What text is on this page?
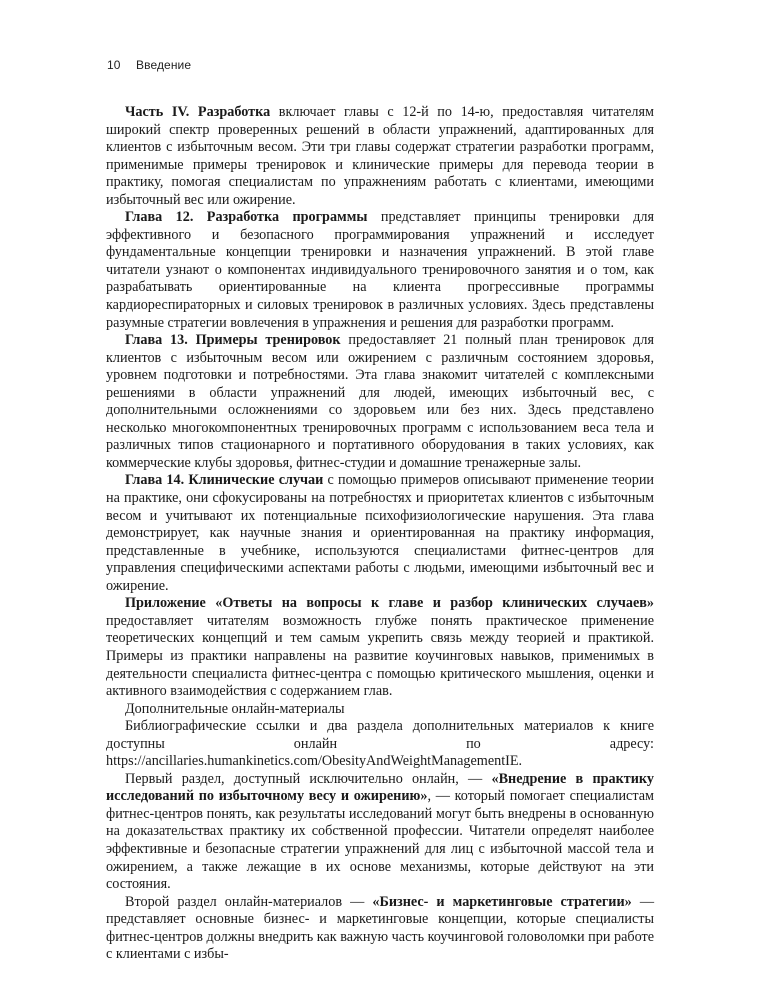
10 Введение

Часть IV. Разработка включает главы с 12-й по 14-ю, предоставляя читателям широкий спектр проверенных решений в области упражнений, адаптированных для клиентов с избыточным весом. Эти три главы содержат стратегии разработки программ, применимые примеры тренировок и клинические примеры для перевода теории в практику, помогая специалистам по упражнениям работать с клиентами, имеющими избыточный вес или ожирение.

Глава 12. Разработка программы представляет принципы тренировки для эффективного и безопасного программирования упражнений и исследует фундаментальные концепции тренировки и назначения упражнений. В этой главе читатели узнают о компонентах индивидуального тренировочного занятия и о том, как разрабатывать ориентированные на клиента прогрессивные программы кардиореспираторных и силовых тренировок в различных условиях. Здесь представлены разумные стратегии вовлечения в упражнения и решения для разработки программ.

Глава 13. Примеры тренировок предоставляет 21 полный план тренировок для клиентов с избыточным весом или ожирением с различным состоянием здоровья, уровнем подготовки и потребностями. Эта глава знакомит читателей с комплексными решениями в области упражнений для людей, имеющих избыточный вес, с дополнительными осложнениями со здоровьем или без них. Здесь представлено несколько многокомпонентных тренировочных программ с использованием веса тела и различных типов стационарного и портативного оборудования в таких условиях, как коммерческие клубы здоровья, фитнес-студии и домашние тренажерные залы.

Глава 14. Клинические случаи с помощью примеров описывают применение теории на практике, они сфокусированы на потребностях и приоритетах клиентов с избыточным весом и учитывают их потенциальные психофизиологические нарушения. Эта глава демонстрирует, как научные знания и ориентированная на практику информация, представленные в учебнике, используются специалистами фитнес-центров для управления специфическими аспектами работы с людьми, имеющими избыточный вес и ожирение.

Приложение «Ответы на вопросы к главе и разбор клинических случаев» предоставляет читателям возможность глубже понять практическое применение теоретических концепций и тем самым укрепить связь между теорией и практикой. Примеры из практики направлены на развитие коучинговых навыков, применимых в деятельности специалиста фитнес-центра с помощью критического мышления, оценки и активного взаимодействия с содержанием глав.

Дополнительные онлайн-материалы

Библиографические ссылки и два раздела дополнительных материалов к книге доступны онлайн по адресу: https://ancillaries.humankinetics.com/ObesityAndWeightManagementIE.

Первый раздел, доступный исключительно онлайн, — «Внедрение в практику исследований по избыточному весу и ожирению», — который помогает специалистам фитнес-центров понять, как результаты исследований могут быть внедрены в основанную на доказательствах практику их собственной профессии. Читатели определят наиболее эффективные и безопасные стратегии упражнений для лиц с избыточной массой тела и ожирением, а также лежащие в их основе механизмы, которые действуют на эти состояния.

Второй раздел онлайн-материалов — «Бизнес- и маркетинговые стратегии» — представляет основные бизнес- и маркетинговые концепции, которые специалисты фитнес-центров должны внедрить как важную часть коучинговой головоломки при работе с клиентами с избы-
